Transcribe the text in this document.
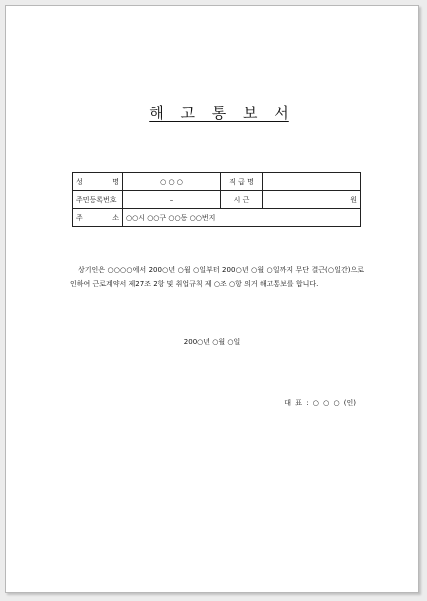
해 고 통 보 서
성 명	○ ○ ○	직 급 명	
주민등록번호	–	시 근	원

주 소	○○시 ○○구 ○○동 ○○번지		
상기인은 ○○○○에서 200○년 ○월 ○일부터 200○년 ○월 ○일까지 무단 결근(○일간)으로 인하여 근로계약서 제27조 2항 및 취업규칙 제 ○조 ○항 의거 해고통보를 합니다.
200○년 ○월 ○일
대 표 : ○ ○ ○ (인)
